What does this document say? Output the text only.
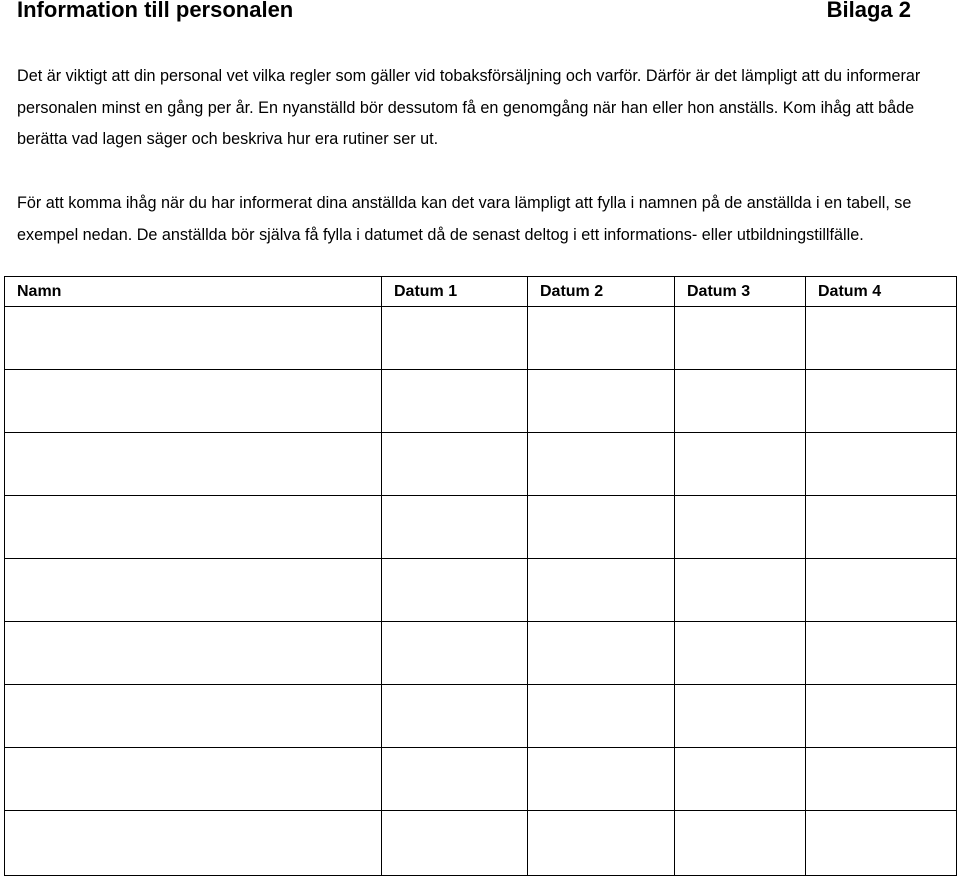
Information till personalen	Bilaga 2

Det är viktigt att din personal vet vilka regler som gäller vid tobaksförsäljning och varför. Därför är det lämpligt att du informerar personalen minst en gång per år. En nyanställd bör dessutom få en genomgång när han eller hon anställs. Kom ihåg att både berätta vad lagen säger och beskriva hur era rutiner ser ut.

För att komma ihåg när du har informerat dina anställda kan det vara lämpligt att fylla i namnen på de anställda i en tabell, se exempel nedan. De anställda bör själva få fylla i datumet då de senast deltog i ett informations- eller utbildningstillfälle.

Namn	Datum 1	Datum 2	Datum 3	Datum 4
